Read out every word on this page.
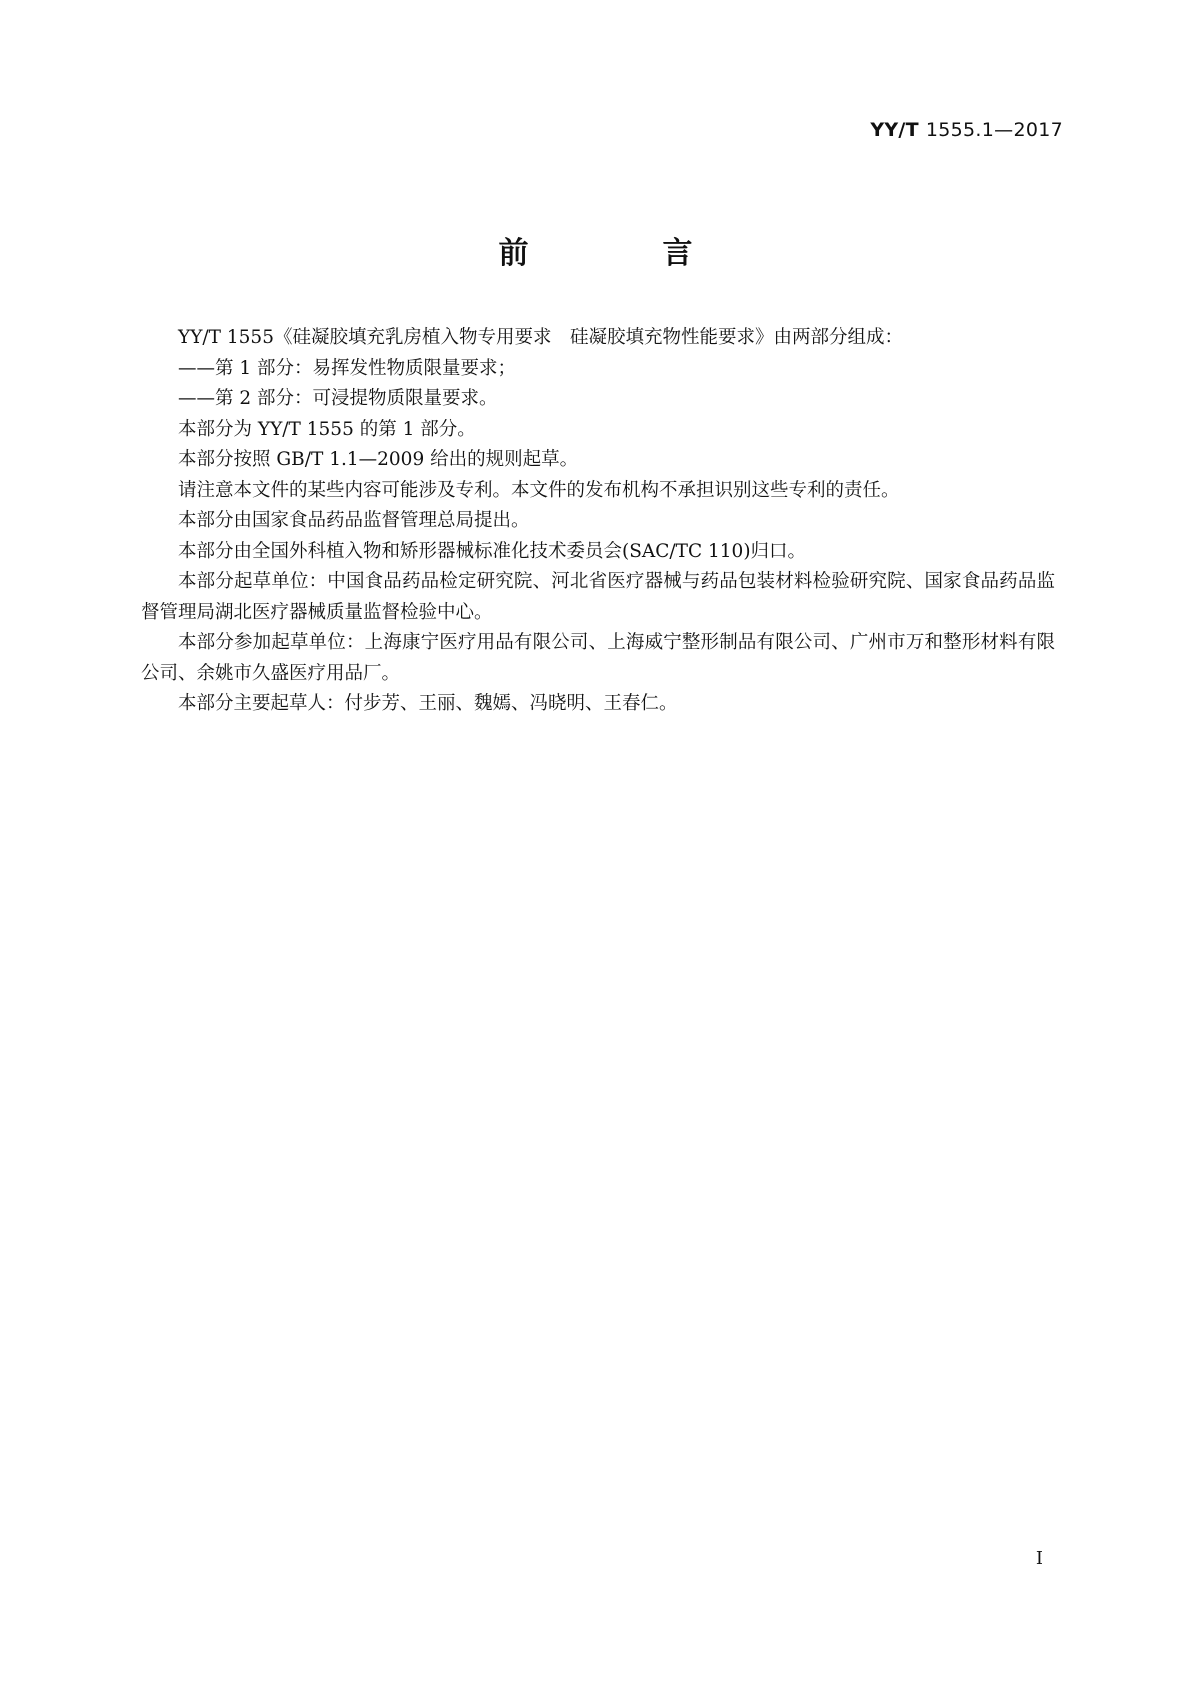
YY/T 1555.1—2017
前　言

YY/T 1555《硅凝胶填充乳房植入物专用要求　硅凝胶填充物性能要求》由两部分组成：

——第 1 部分：易挥发性物质限量要求；

——第 2 部分：可浸提物质限量要求。

本部分为 YY/T 1555 的第 1 部分。

本部分按照 GB/T 1.1—2009 给出的规则起草。

请注意本文件的某些内容可能涉及专利。本文件的发布机构不承担识别这些专利的责任。

本部分由国家食品药品监督管理总局提出。

本部分由全国外科植入物和矫形器械标准化技术委员会(SAC/TC 110)归口。

本部分起草单位：中国食品药品检定研究院、河北省医疗器械与药品包装材料检验研究院、国家食品药品监督管理局湖北医疗器械质量监督检验中心。

本部分参加起草单位：上海康宁医疗用品有限公司、上海威宁整形制品有限公司、广州市万和整形材料有限公司、余姚市久盛医疗用品厂。

本部分主要起草人：付步芳、王丽、魏嫣、冯晓明、王春仁。

I
